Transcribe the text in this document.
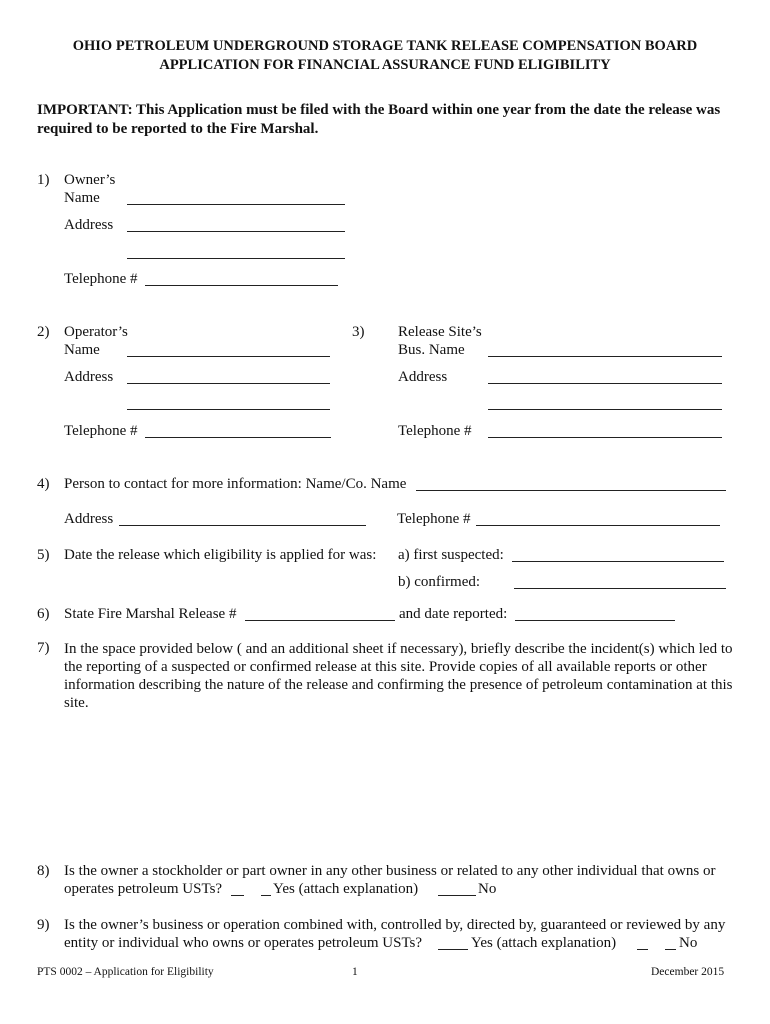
OHIO PETROLEUM UNDERGROUND STORAGE TANK RELEASE COMPENSATION BOARD
APPLICATION FOR FINANCIAL ASSURANCE FUND ELIGIBILITY
IMPORTANT: This Application must be filed with the Board within one year from the date the release was required to be reported to the Fire Marshal.
1) Owner’s
Name
Address
Telephone #
2) Operator’s
Name
Address
Telephone #
3) Release Site’s
Bus. Name
Address
Telephone #
4) Person to contact for more information: Name/Co. Name
Address	Telephone #
5) Date the release which eligibility is applied for was: a) first suspected:
b) confirmed:
6) State Fire Marshal Release #	and date reported:
7) In the space provided below ( and an additional sheet if necessary), briefly describe the incident(s) which led to the reporting of a suspected or confirmed release at this site. Provide copies of all available reports or other information describing the nature of the release and confirming the presence of petroleum contamination at this site.
8) Is the owner a stockholder or part owner in any other business or related to any other individual that owns or
operates petroleum USTs?	Yes (attach explanation)	No
9) Is the owner’s business or operation combined with, controlled by, directed by, guaranteed or reviewed by any
entity or individual who owns or operates petroleum USTs?	Yes (attach explanation)	No
PTS 0002 – Application for Eligibility	1	December 2015
